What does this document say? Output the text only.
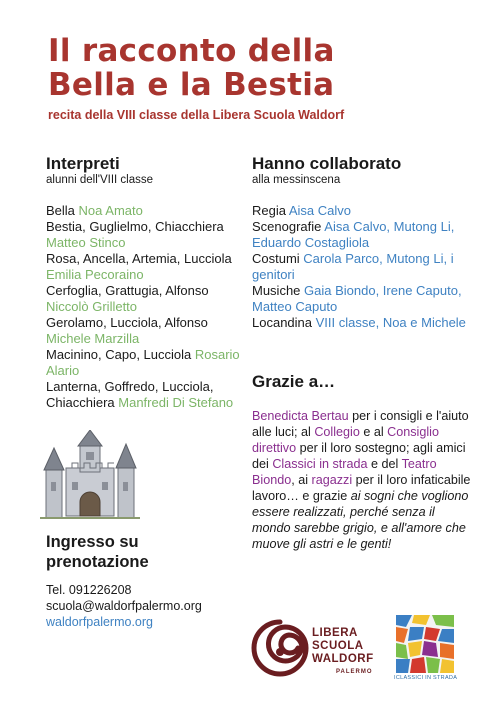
Il racconto della
Bella e la Bestia
recita della VIII classe della Libera Scuola Waldorf
Interpreti
alunni dell'VIII classe
Bella Noa Amato
Bestia, Guglielmo, Chiacchiera Matteo Stinco
Rosa, Ancella, Artemia, Lucciola Emilia Pecoraino
Cerfoglia, Grattugia, Alfonso Niccolò Grilletto
Gerolamo, Lucciola, Alfonso Michele Marzilla
Macinino, Capo, Lucciola Rosario Alario
Lanterna, Goffredo, Lucciola, Chiacchiera Manfredi Di Stefano
Hanno collaborato
alla messinscena
Regia Aisa Calvo
Scenografie Aisa Calvo, Mutong Li, Eduardo Costagliola
Costumi Carola Parco, Mutong Li, i genitori
Musiche Gaia Biondo, Irene Caputo, Matteo Caputo
Locandina VIII classe, Noa e Michele
Grazie a…

Benedicta Bertau per i consigli e l'aiuto alle luci; al Collegio e al Consiglio direttivo per il loro sostegno; agli amici dei Classici in strada e del Teatro Biondo, ai ragazzi per il loro infaticabile lavoro… e grazie ai sogni che vogliono essere realizzati, perché senza il mondo sarebbe grigio, e all'amore che muove gli astri e le genti!

Ingresso su
prenotazione
Tel. 091226208
scuola@waldorfpalermo.org
waldorfpalermo.org
LIBERA
SCUOLA
WALDORF
PALERMO
ICLASSICI IN STRADA
